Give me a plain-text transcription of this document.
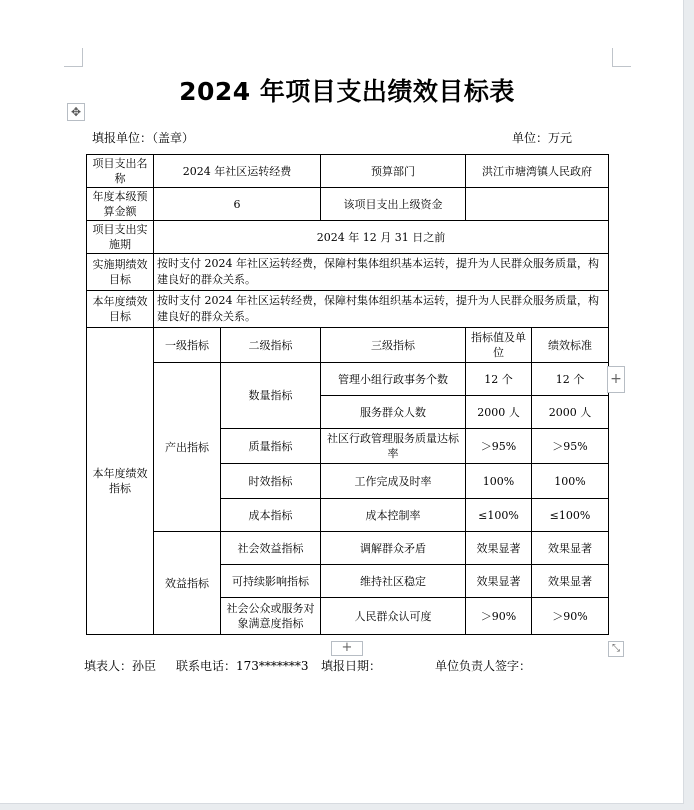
2024 年项目支出绩效目标表
✥
填报单位：（盖章）	单位：万元
项目支出名称	2024 年社区运转经费		预算部门	洪江市塘湾镇人民政府	
年度本级预算金额	6		该项目支出上级资金		
项目支出实施期	2024 年 12 月 31 日之前				
实施期绩效目标	按时支付 2024 年社区运转经费，保障村集体组织基本运转，提升为人民群众服务质量，构建良好的群众关系。				
本年度绩效目标	按时支付 2024 年社区运转经费，保障村集体组织基本运转，提升为人民群众服务质量，构建良好的群众关系。				
本年度绩效指标	一级指标	二级指标	三级指标	指标值及单位	绩效标准
	产出指标	数量指标	管理小组行政事务个数	12 个	12 个
			服务群众人数	2000 人	2000 人
		质量指标	社区行政管理服务质量达标率	＞95%	＞95%
		时效指标	工作完成及时率	100%	100%
		成本指标	成本控制率	≤100%	≤100%
	效益指标	社会效益指标	调解群众矛盾	效果显著	效果显著
		可持续影响指标	维持社区稳定	效果显著	效果显著
		社会公众或服务对象满意度指标	人民群众认可度	＞90%	＞90%
+
+	⤡
填表人：孙臣 联系电话：173*******3 填报日期：	单位负责人签字：
